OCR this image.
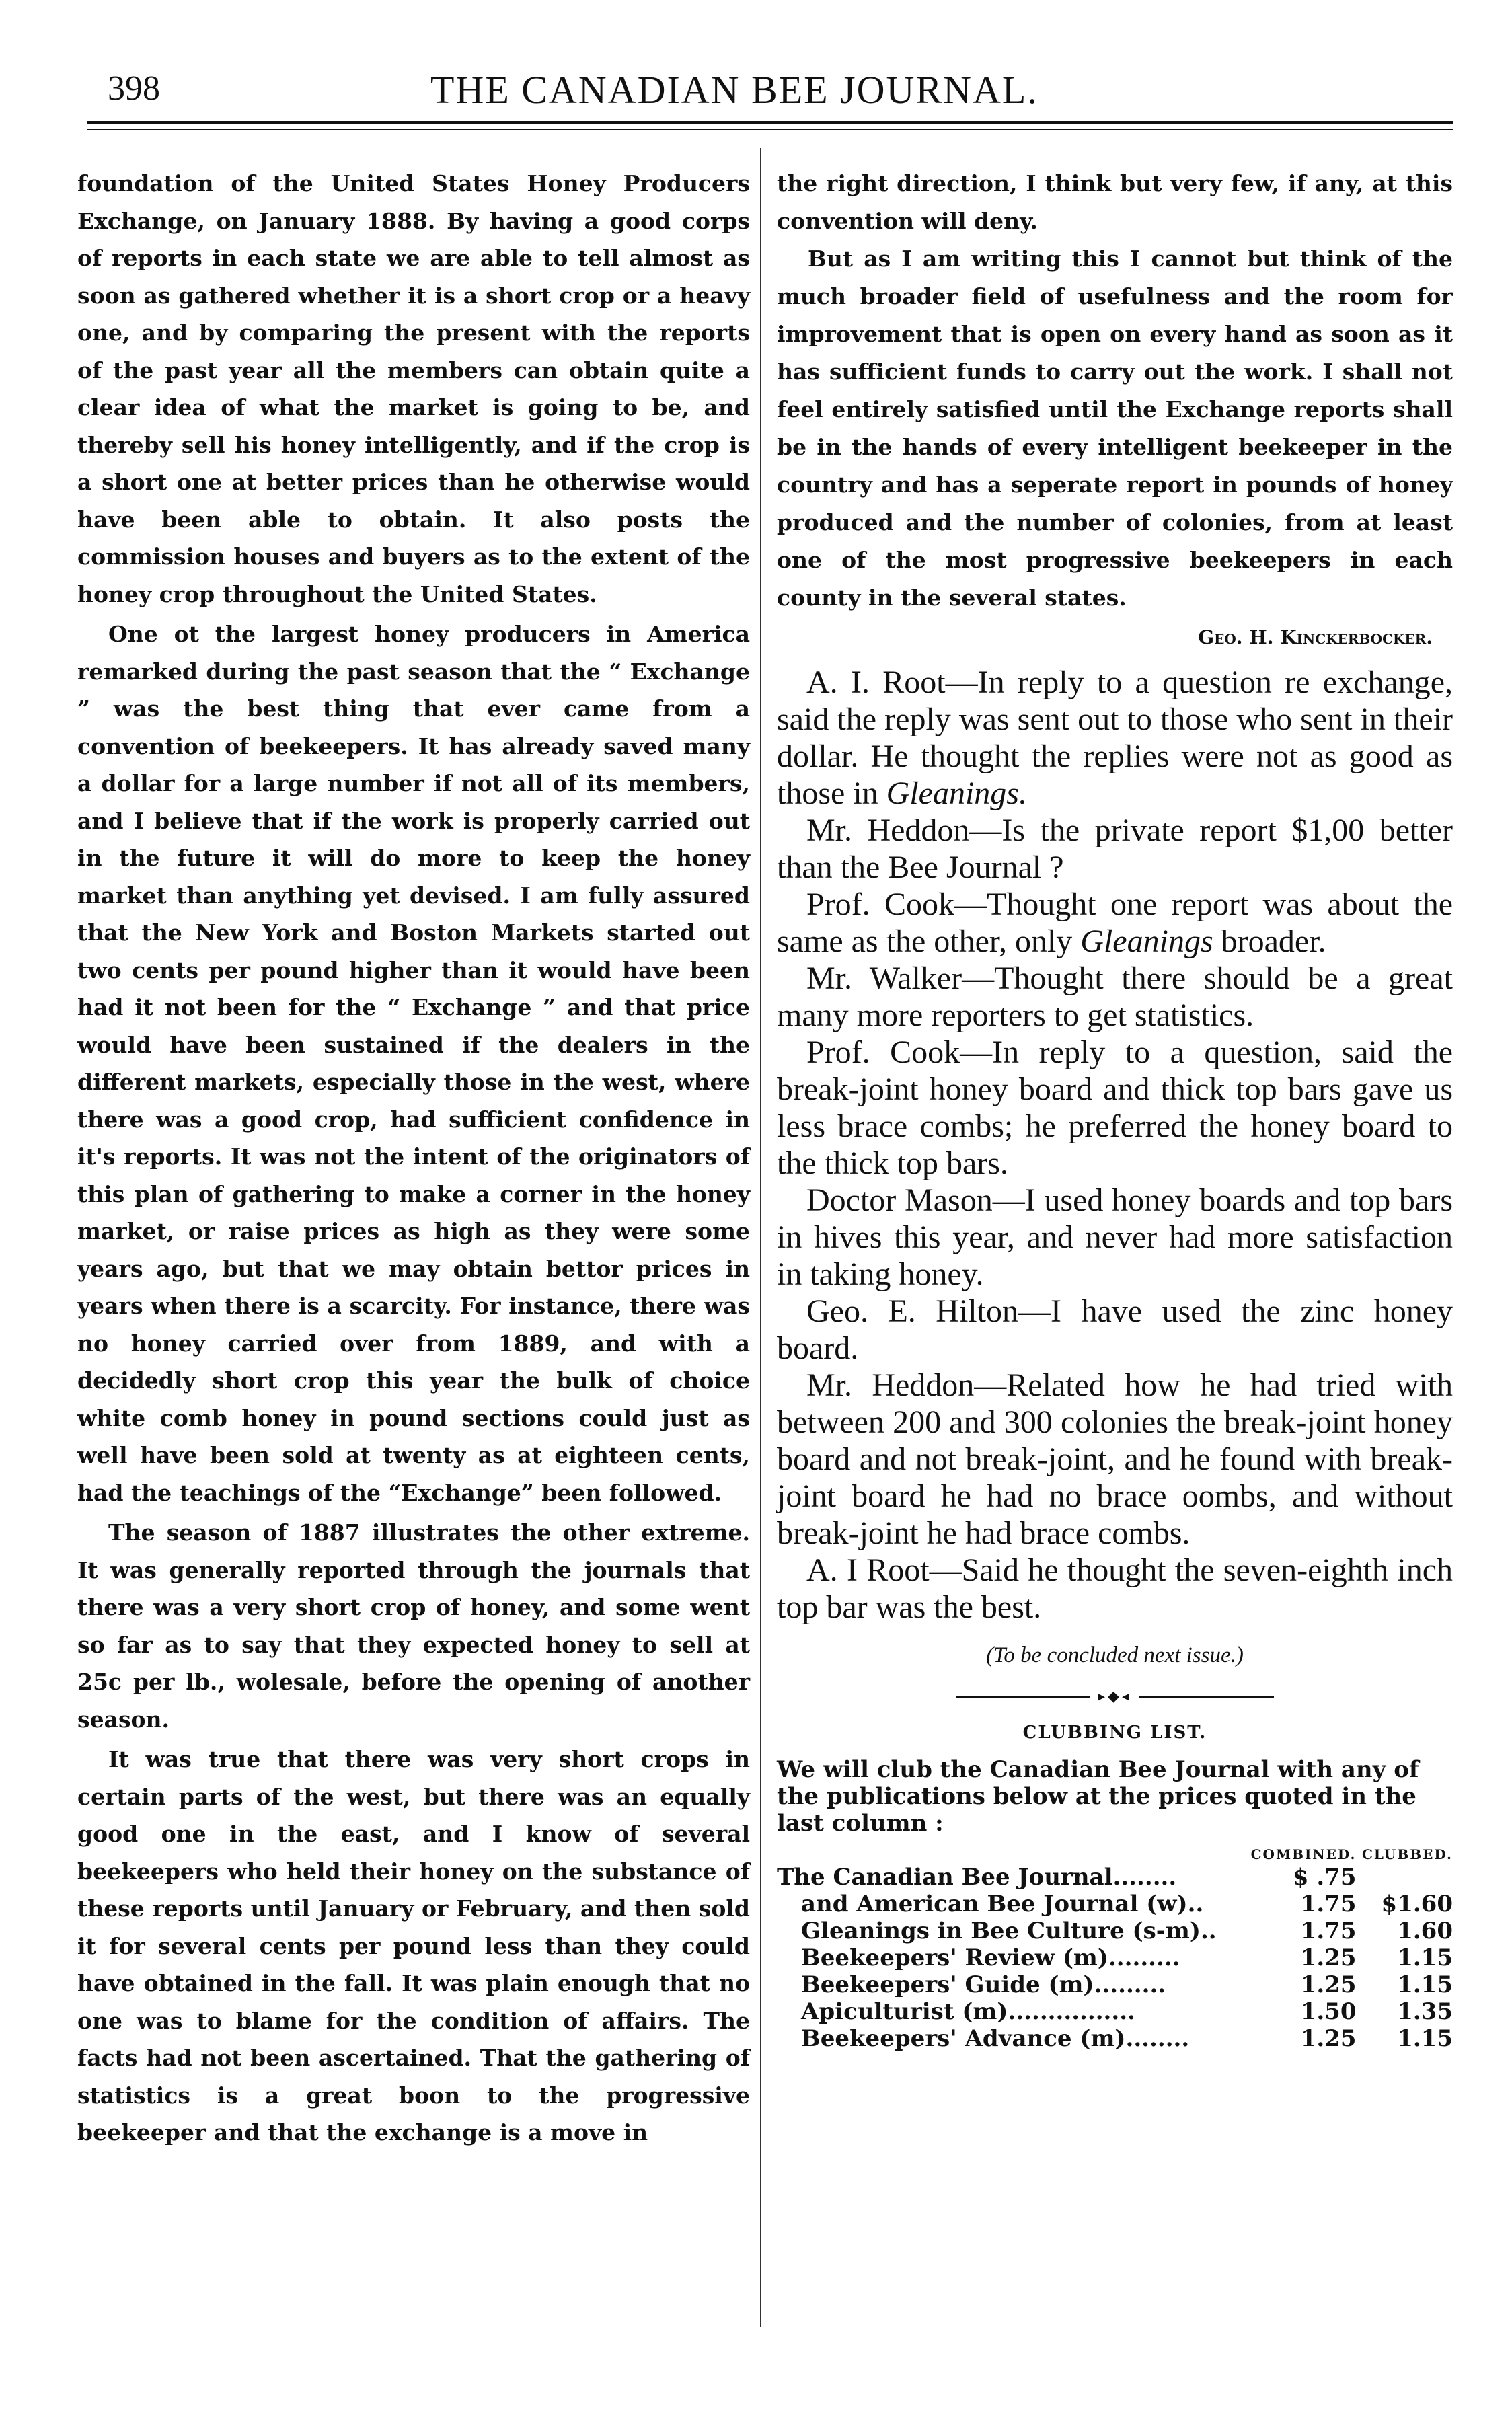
398	THE CANADIAN BEE JOURNAL.

foundation of the United States Honey Producers Exchange, on January 1888. By having a good corps of reports in each state we are able to tell almost as soon as gathered whether it is a short crop or a heavy one, and by comparing the present with the reports of the past year all the members can obtain quite a clear idea of what the market is going to be, and thereby sell his honey intelligently, and if the crop is a short one at better prices than he otherwise would have been able to obtain. It also posts the commission houses and buyers as to the extent of the honey crop throughout the United States.

One ot the largest honey producers in America remarked during the past season that the “ Exchange ” was the best thing that ever came from a convention of beekeepers. It has already saved many a dollar for a large number if not all of its members, and I believe that if the work is properly carried out in the future it will do more to keep the honey market than anything yet devised. I am fully assured that the New York and Boston Markets started out two cents per pound higher than it would have been had it not been for the “ Exchange ” and that price would have been sustained if the dealers in the different markets, especially those in the west, where there was a good crop, had sufficient confidence in it's reports. It was not the intent of the originators of this plan of gathering to make a corner in the honey market, or raise prices as high as they were some years ago, but that we may obtain bettor prices in years when there is a scarcity. For instance, there was no honey carried over from 1889, and with a decidedly short crop this year the bulk of choice white comb honey in pound sections could just as well have been sold at twenty as at eighteen cents, had the teachings of the “Exchange” been followed.

The season of 1887 illustrates the other extreme. It was generally reported through the journals that there was a very short crop of honey, and some went so far as to say that they expected honey to sell at 25c per lb., wolesale, before the opening of another season.

It was true that there was very short crops in certain parts of the west, but there was an equally good one in the east, and I know of several beekeepers who held their honey on the substance of these reports until January or February, and then sold it for several cents per pound less than they could have obtained in the fall. It was plain enough that no one was to blame for the condition of affairs. The facts had not been ascertained. That the gathering of statistics is a great boon to the progressive beekeeper and that the exchange is a move in

the right direction, I think but very few, if any, at this convention will deny.

But as I am writing this I cannot but think of the much broader field of usefulness and the room for improvement that is open on every hand as soon as it has sufficient funds to carry out the work. I shall not feel entirely satisfied until the Exchange reports shall be in the hands of every intelligent beekeeper in the country and has a seperate report in pounds of honey produced and the number of colonies, from at least one of the most progressive beekeepers in each county in the several states.

Geo. H. Kinckerbocker.

A. I. Root—In reply to a question re exchange, said the reply was sent out to those who sent in their dollar. He thought the replies were not as good as those in Gleanings.

Mr. Heddon—Is the private report $1,00 better than the Bee Journal ?

Prof. Cook—Thought one report was about the same as the other, only Gleanings broader.

Mr. Walker—Thought there should be a great many more reporters to get statistics.

Prof. Cook—In reply to a question, said the break-joint honey board and thick top bars gave us less brace combs; he preferred the honey board to the thick top bars.

Doctor Mason—I used honey boards and top bars in hives this year, and never had more satisfaction in taking honey.

Geo. E. Hilton—I have used the zinc honey board.

Mr. Heddon—Related how he had tried with between 200 and 300 colonies the break-joint honey board and not break-joint, and he found with break-joint board he had no brace oombs, and without break-joint he had brace combs.

A. I Root—Said he thought the seven-eighth inch top bar was the best.

(To be concluded next issue.)
▸◆◂
CLUBBING LIST.
We will club the Canadian Bee Journal with any of the publications below at the prices quoted in the last column :
	COMBINED.	CLUBBED.
The Canadian Bee Journal........	$ .75	
and American Bee Journal (w)..	1.75	$1.60
Gleanings in Bee Culture (s-m)..	1.75	1.60
Beekeepers' Review (m).........	1.25	1.15
Beekeepers' Guide (m).........	1.25	1.15
Apiculturist (m)................	1.50	1.35
Beekeepers' Advance (m)........	1.25	1.15
